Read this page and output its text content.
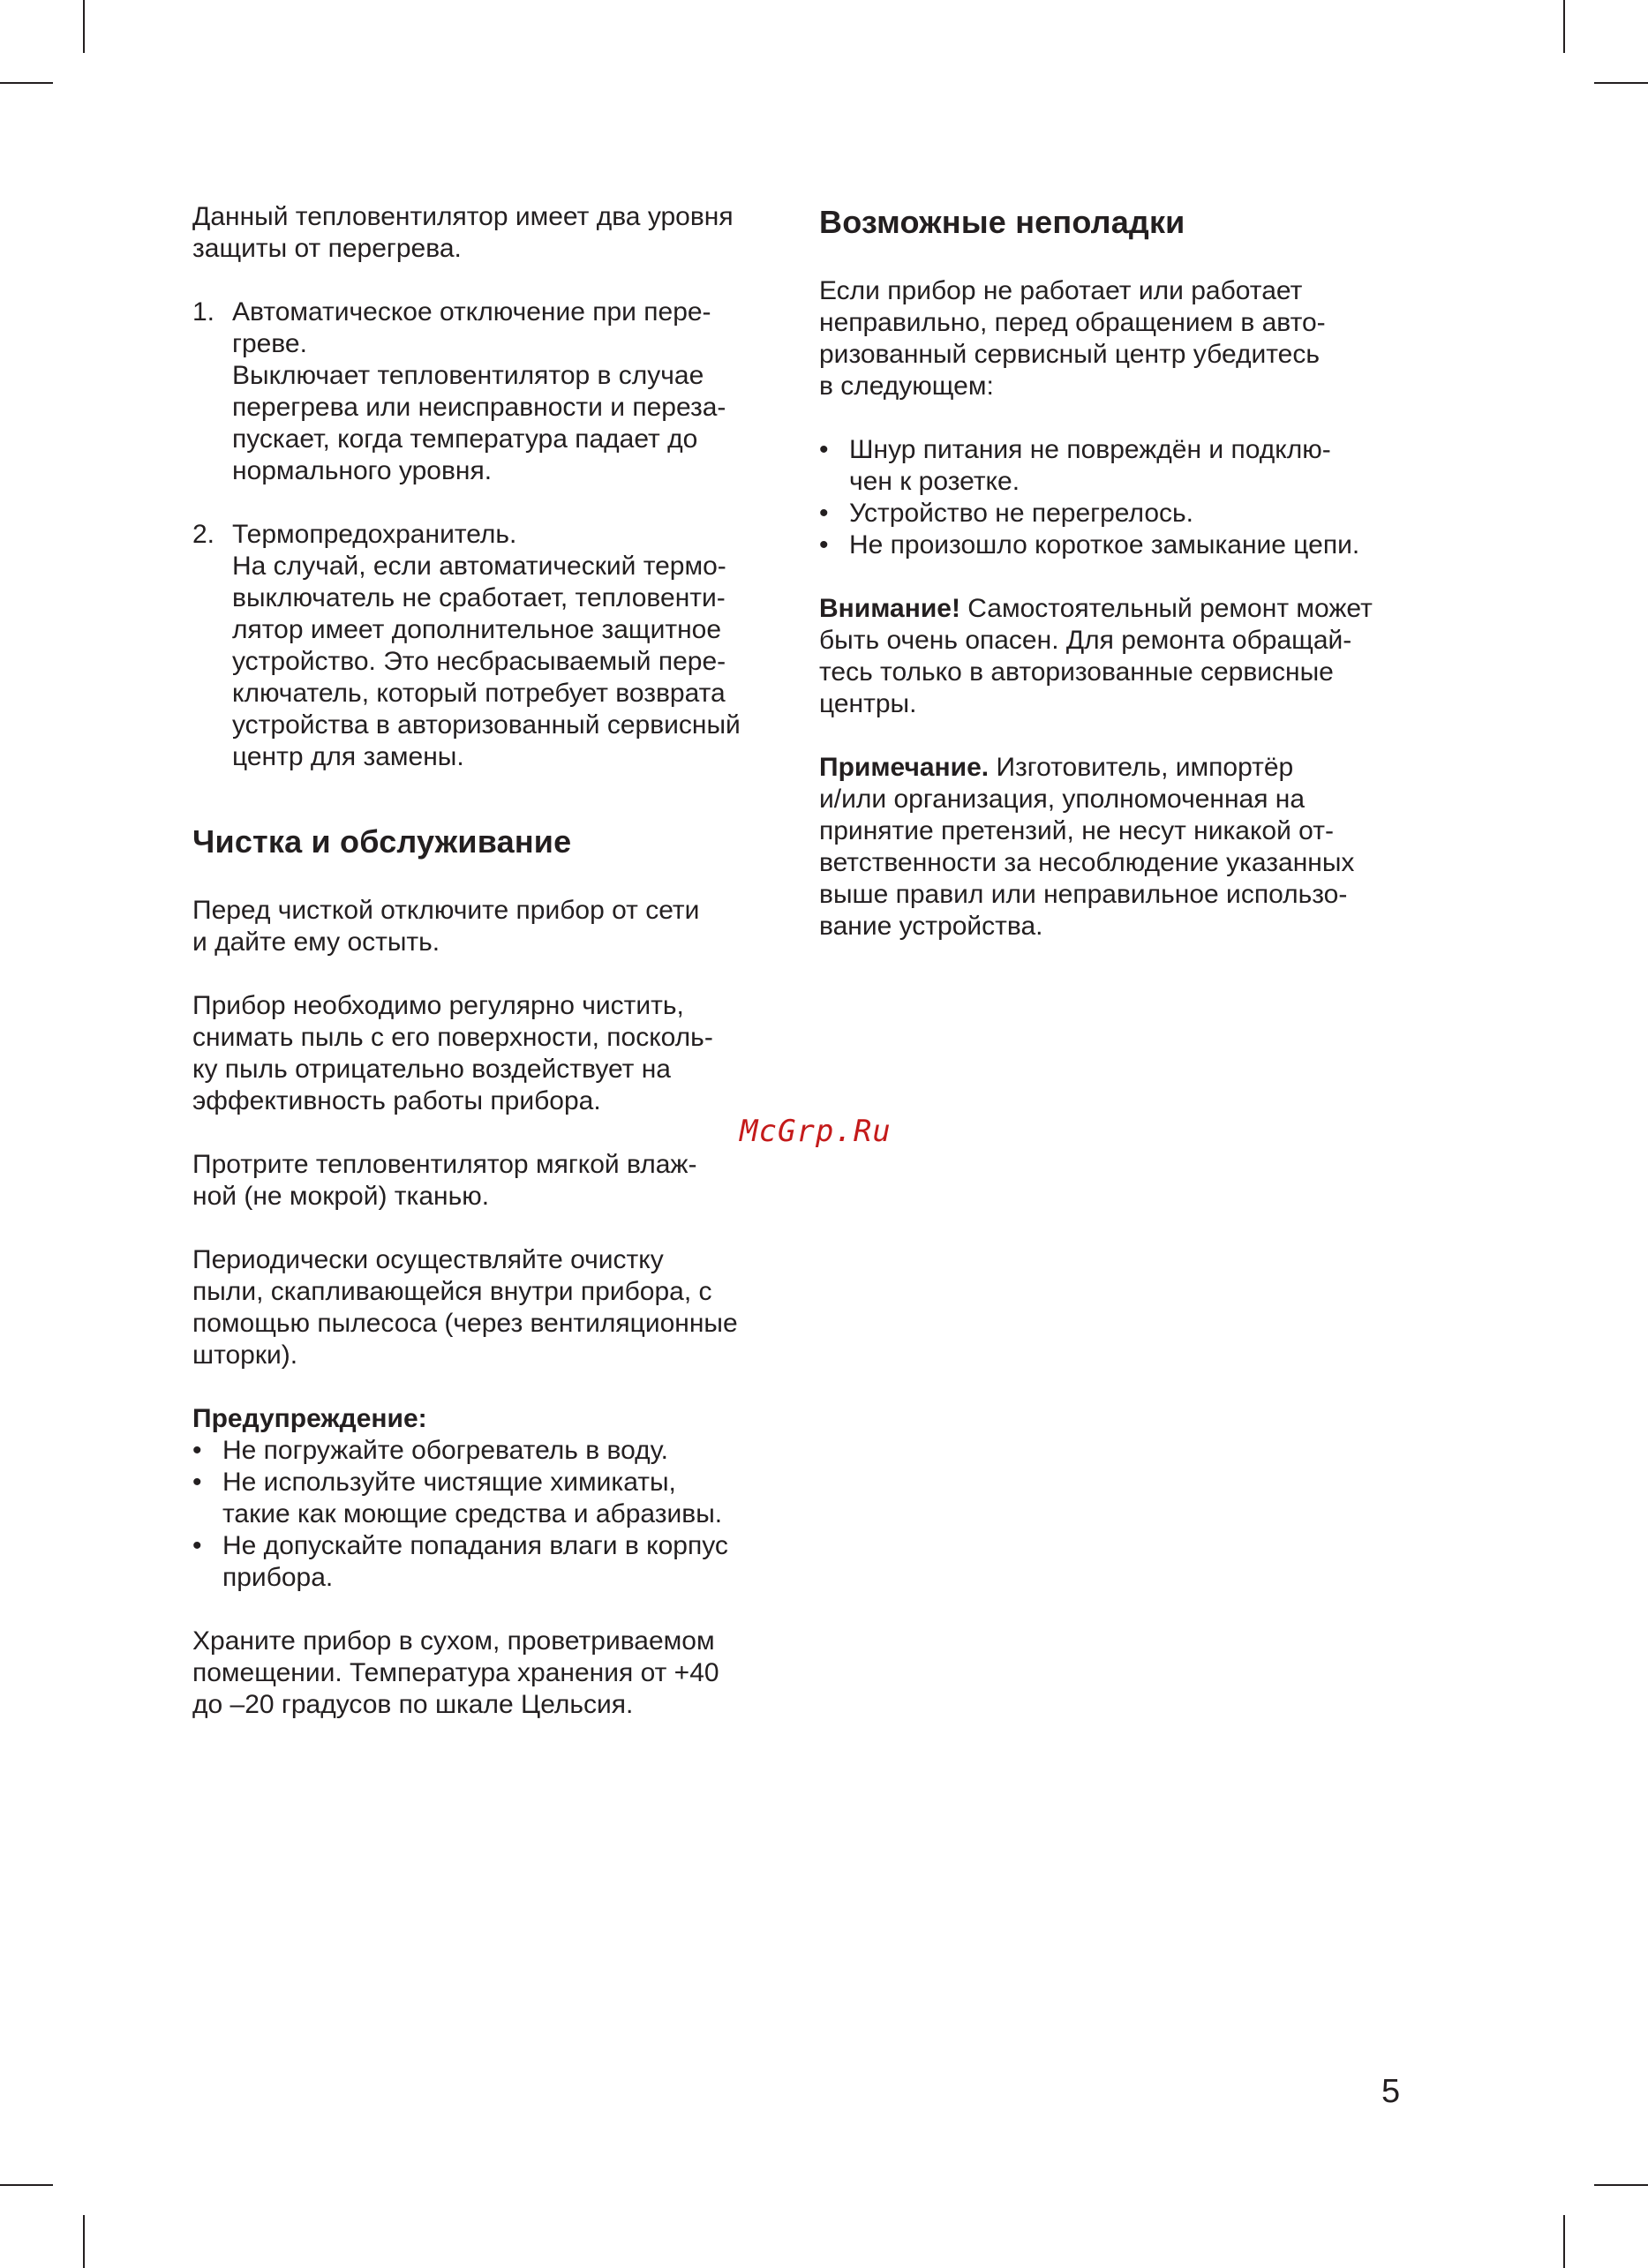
Данный тепловентилятор имеет два уровня
защиты от перегрева.

1. Автоматическое отключение при пере-
греве.
Выключает тепловентилятор в случае
перегрева или неисправности и переза-
пускает, когда температура падает до
нормального уровня.
2. Термопредохранитель.
На случай, если автоматический термо-
выключатель не сработает, тепловенти-
лятор имеет дополнительное защитное
устройство. Это несбрасываемый пере-
ключатель, который потребует возврата
устройства в авторизованный сервисный
центр для замены.
Чистка и обслуживание

Перед чисткой отключите прибор от сети
и дайте ему остыть.

Прибор необходимо регулярно чистить,
снимать пыль с его поверхности, посколь-
ку пыль отрицательно воздействует на
эффективность работы прибора.

Протрите тепловентилятор мягкой влаж-
ной (не мокрой) тканью.

Периодически осуществляйте очистку
пыли, скапливающейся внутри прибора, с
помощью пылесоса (через вентиляционные
шторки).

Предупреждение:

• Не погружайте обогреватель в воду.
• Не используйте чистящие химикаты,
такие как моющие средства и абразивы.
• Не допускайте попадания влаги в корпус
прибора.

Храните прибор в сухом, проветриваемом
помещении. Температура хранения от +40
до –20 градусов по шкале Цельсия.

Возможные неполадки

Если прибор не работает или работает
неправильно, перед обращением в авто-
ризованный сервисный центр убедитесь
в следующем:

• Шнур питания не повреждён и подклю-
чен к розетке.
• Устройство не перегрелось.
• Не произошло короткое замыкание цепи.

Внимание! Самостоятельный ремонт может
быть очень опасен. Для ремонта обращай-
тесь только в авторизованные сервисные
центры.

Примечание. Изготовитель, импортёр
и/или организация, уполномоченная на
принятие претензий, не несут никакой от-
ветственности за несоблюдение указанных
выше правил или неправильное использо-
вание устройства.

McGrp.Ru
5
